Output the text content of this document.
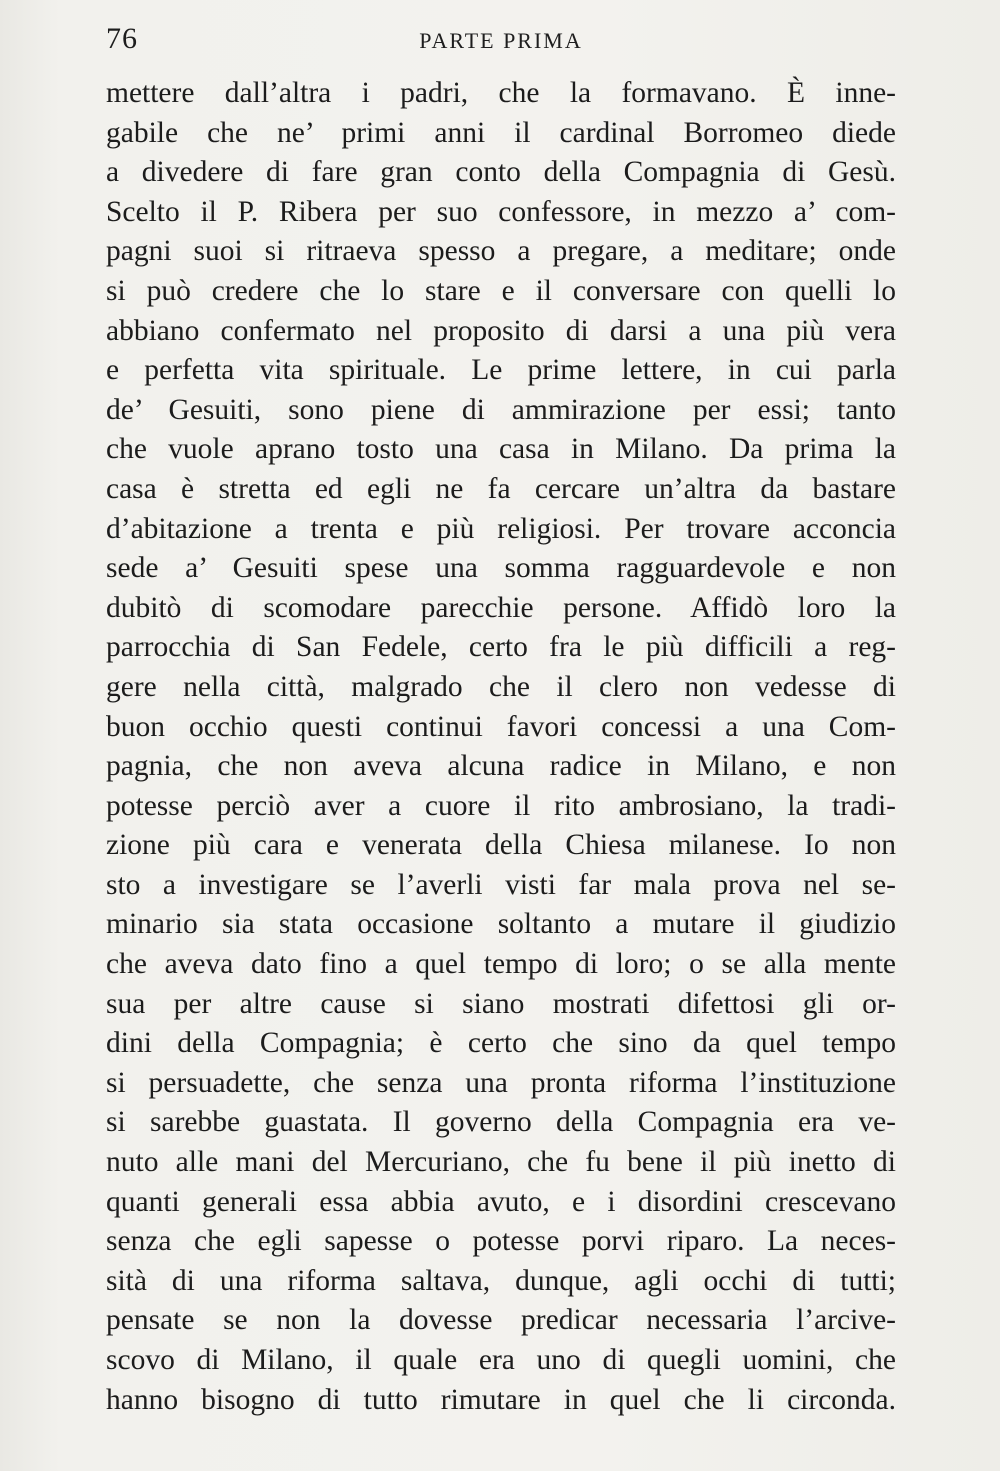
76	PARTE PRIMA
mettere dall’altra i padri, che la formavano. È inne-
gabile che ne’ primi anni il cardinal Borromeo diede
a divedere di fare gran conto della Compagnia di Gesù.
Scelto il P. Ribera per suo confessore, in mezzo a’ com-
pagni suoi si ritraeva spesso a pregare, a meditare; onde
si può credere che lo stare e il conversare con quelli lo
abbiano confermato nel proposito di darsi a una più vera
e perfetta vita spirituale. Le prime lettere, in cui parla
de’ Gesuiti, sono piene di ammirazione per essi; tanto
che vuole aprano tosto una casa in Milano. Da prima la
casa è stretta ed egli ne fa cercare un’altra da bastare
d’abitazione a trenta e più religiosi. Per trovare acconcia
sede a’ Gesuiti spese una somma ragguardevole e non
dubitò di scomodare parecchie persone. Affidò loro la
parrocchia di San Fedele, certo fra le più difficili a reg-
gere nella città, malgrado che il clero non vedesse di
buon occhio questi continui favori concessi a una Com-
pagnia, che non aveva alcuna radice in Milano, e non
potesse perciò aver a cuore il rito ambrosiano, la tradi-
zione più cara e venerata della Chiesa milanese. Io non
sto a investigare se l’averli visti far mala prova nel se-
minario sia stata occasione soltanto a mutare il giudizio
che aveva dato fino a quel tempo di loro; o se alla mente
sua per altre cause si siano mostrati difettosi gli or-
dini della Compagnia; è certo che sino da quel tempo
si persuadette, che senza una pronta riforma l’instituzione
si sarebbe guastata. Il governo della Compagnia era ve-
nuto alle mani del Mercuriano, che fu bene il più inetto di
quanti generali essa abbia avuto, e i disordini crescevano
senza che egli sapesse o potesse porvi riparo. La neces-
sità di una riforma saltava, dunque, agli occhi di tutti;
pensate se non la dovesse predicar necessaria l’arcive-
scovo di Milano, il quale era uno di quegli uomini, che
hanno bisogno di tutto rimutare in quel che li circonda.
